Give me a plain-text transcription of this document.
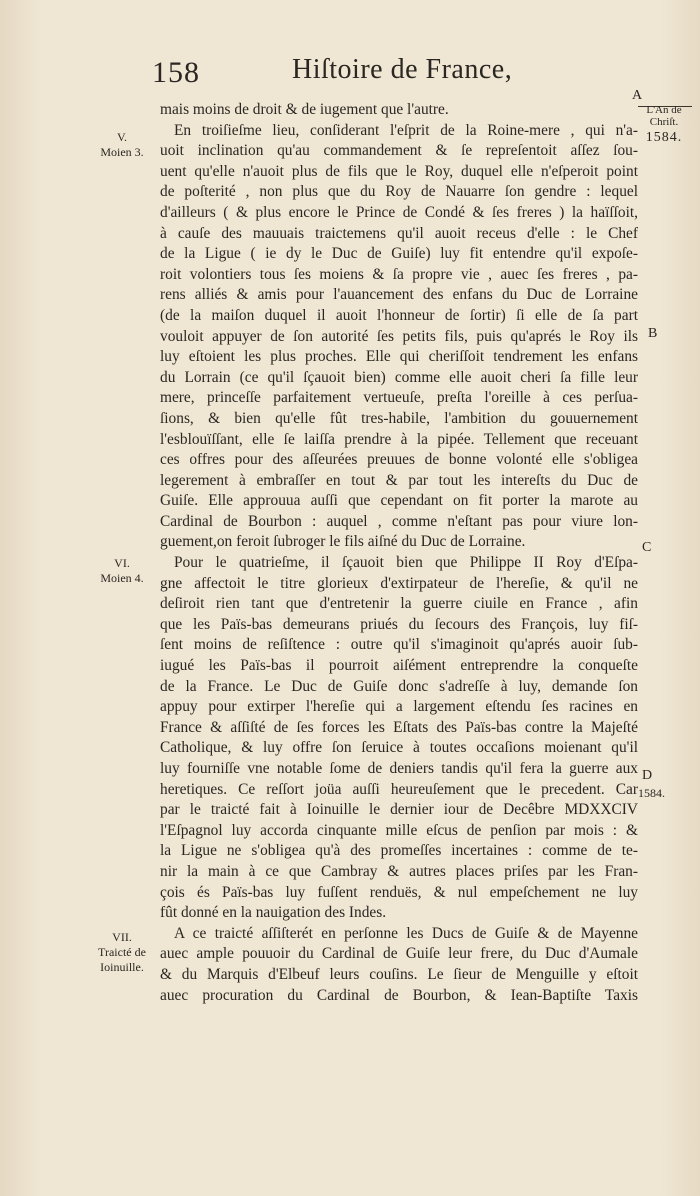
158	Hiſtoire de France,
A
L'An de Chriſt.
1584.
B
C
D
1584.
V.
Moien 3.
VI.
Moien 4.
VII.
Traicté de Ioinuille.
mais moins de droit & de iugement que l'autre.
En troiſieſme lieu, conſiderant l'eſprit de la Roine-mere , qui n'a-
uoit inclination qu'au commandement & ſe repreſentoit aſſez ſou-
uent qu'elle n'auoit plus de fils que le Roy, duquel elle n'eſperoit point
de poſterité , non plus que du Roy de Nauarre ſon gendre : lequel
d'ailleurs ( & plus encore le Prince de Condé & ſes freres ) la haïſſoit,
à cauſe des mauuais traictemens qu'il auoit receus d'elle : le Chef
de la Ligue ( ie dy le Duc de Guiſe) luy fit entendre qu'il expoſe-
roit volontiers tous ſes moiens & ſa propre vie , auec ſes freres , pa-
rens alliés & amis pour l'auancement des enfans du Duc de Lorraine
(de la maiſon duquel il auoit l'honneur de ſortir) ſi elle de ſa part
vouloit appuyer de ſon autorité ſes petits fils, puis qu'aprés le Roy ils
luy eſtoient les plus proches. Elle qui cheriſſoit tendrement les enfans
du Lorrain (ce qu'il ſçauoit bien) comme elle auoit cheri ſa fille leur
mere, princeſſe parfaitement vertueuſe, preſta l'oreille à ces perſua-
ſions, & bien qu'elle fût tres-habile, l'ambition du gouuernement
l'esblouïſſant, elle ſe laiſſa prendre à la pipée. Tellement que receuant
ces offres pour des aſſeurées preuues de bonne volonté elle s'obligea
legerement à embraſſer en tout & par tout les intereſts du Duc de
Guiſe. Elle approuua auſſi que cependant on fit porter la marote au
Cardinal de Bourbon : auquel , comme n'eſtant pas pour viure lon-
guement,on feroit ſubroger le fils aiſné du Duc de Lorraine.
Pour le quatrieſme, il ſçauoit bien que Philippe II Roy d'Eſpa-
gne affectoit le titre glorieux d'extirpateur de l'hereſie, & qu'il ne
deſiroit rien tant que d'entretenir la guerre ciuile en France , afin
que les Païs-bas demeurans priués du ſecours des François, luy fiſ-
ſent moins de reſiſtence : outre qu'il s'imaginoit qu'aprés auoir ſub-
iugué les Païs-bas il pourroit aiſément entreprendre la conqueſte
de la France. Le Duc de Guiſe donc s'adreſſe à luy, demande ſon
appuy pour extirper l'hereſie qui a largement eſtendu ſes racines en
France & aſſiſté de ſes forces les Eſtats des Païs-bas contre la Majeſté
Catholique, & luy offre ſon ſeruice à toutes occaſions moienant qu'il
luy fourniſſe vne notable ſome de deniers tandis qu'il fera la guerre aux
heretiques. Ce reſſort joüa auſſi heureuſement que le precedent. Car
par le traicté fait à Ioinuille le dernier iour de Decêbre MDXXCIV
l'Eſpagnol luy accorda cinquante mille eſcus de penſion par mois : &
la Ligue ne s'obligea qu'à des promeſſes incertaines : comme de te-
nir la main à ce que Cambray & autres places priſes par les Fran-
çois és Païs-bas luy fuſſent renduës, & nul empeſchement ne luy
fût donné en la nauigation des Indes.
A ce traicté aſſiſterét en perſonne les Ducs de Guiſe & de Mayenne
auec ample pouuoir du Cardinal de Guiſe leur frere, du Duc d'Aumale
& du Marquis d'Elbeuf leurs couſins. Le ſieur de Menguille y eſtoit
auec procuration du Cardinal de Bourbon, & Iean-Baptiſte Taxis
